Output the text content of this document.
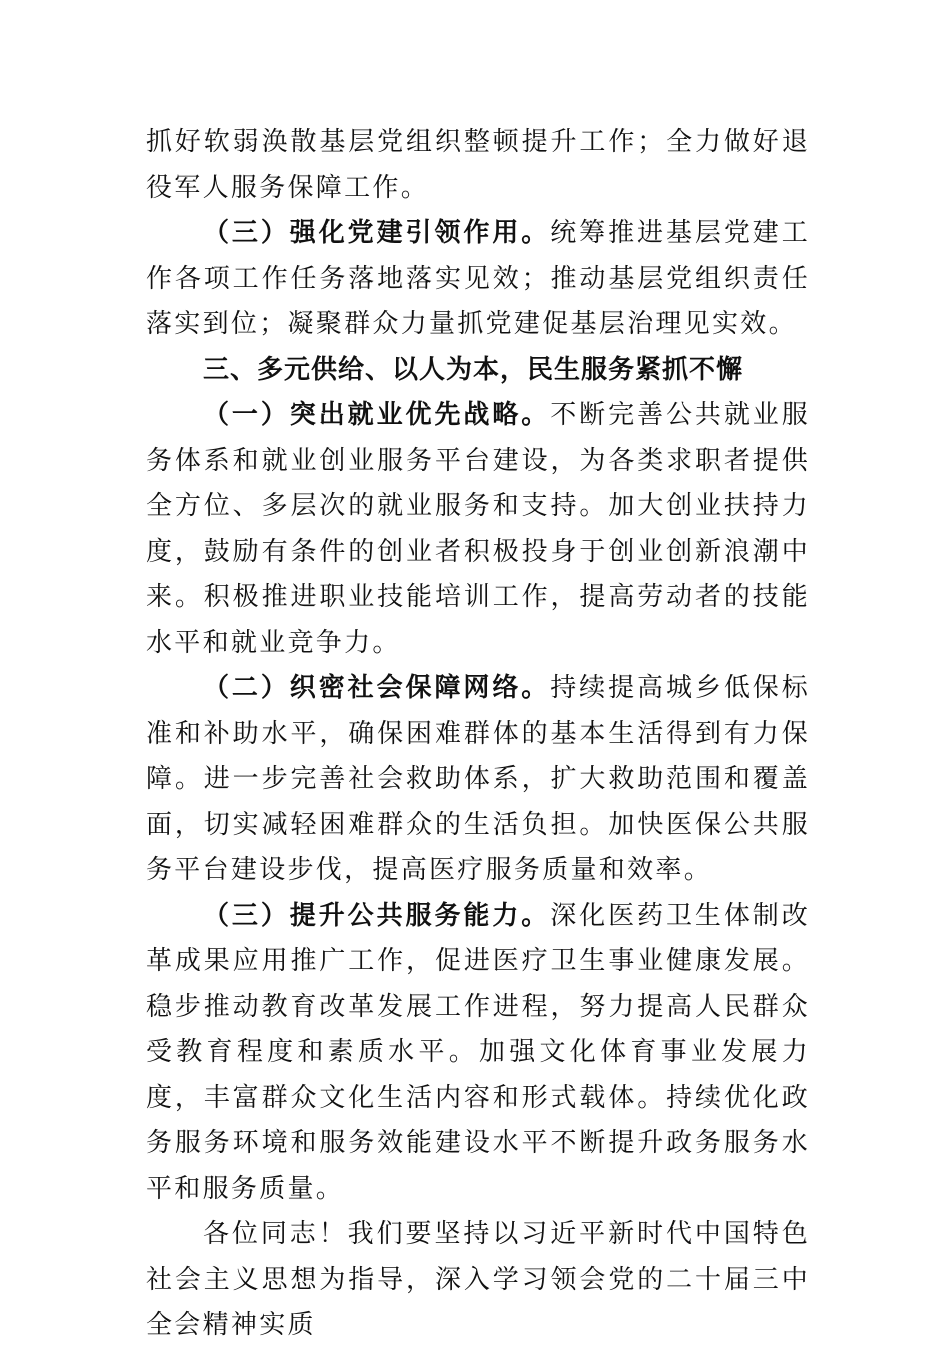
抓好软弱涣散基层党组织整顿提升工作；全力做好退役军人服务保障工作。

（三）强化党建引领作用。统筹推进基层党建工作各项工作任务落地落实见效；推动基层党组织责任落实到位；凝聚群众力量抓党建促基层治理见实效。

三、多元供给、以人为本，民生服务紧抓不懈

（一）突出就业优先战略。不断完善公共就业服务体系和就业创业服务平台建设，为各类求职者提供全方位、多层次的就业服务和支持。加大创业扶持力度，鼓励有条件的创业者积极投身于创业创新浪潮中来。积极推进职业技能培训工作，提高劳动者的技能水平和就业竞争力。

（二）织密社会保障网络。持续提高城乡低保标准和补助水平，确保困难群体的基本生活得到有力保障。进一步完善社会救助体系，扩大救助范围和覆盖面，切实减轻困难群众的生活负担。加快医保公共服务平台建设步伐，提高医疗服务质量和效率。

（三）提升公共服务能力。深化医药卫生体制改革成果应用推广工作，促进医疗卫生事业健康发展。稳步推动教育改革发展工作进程，努力提高人民群众受教育程度和素质水平。加强文化体育事业发展力度，丰富群众文化生活内容和形式载体。持续优化政务服务环境和服务效能建设水平不断提升政务服务水平和服务质量。

各位同志！我们要坚持以习近平新时代中国特色社会主义思想为指导，深入学习领会党的二十届三中全会精神实质
